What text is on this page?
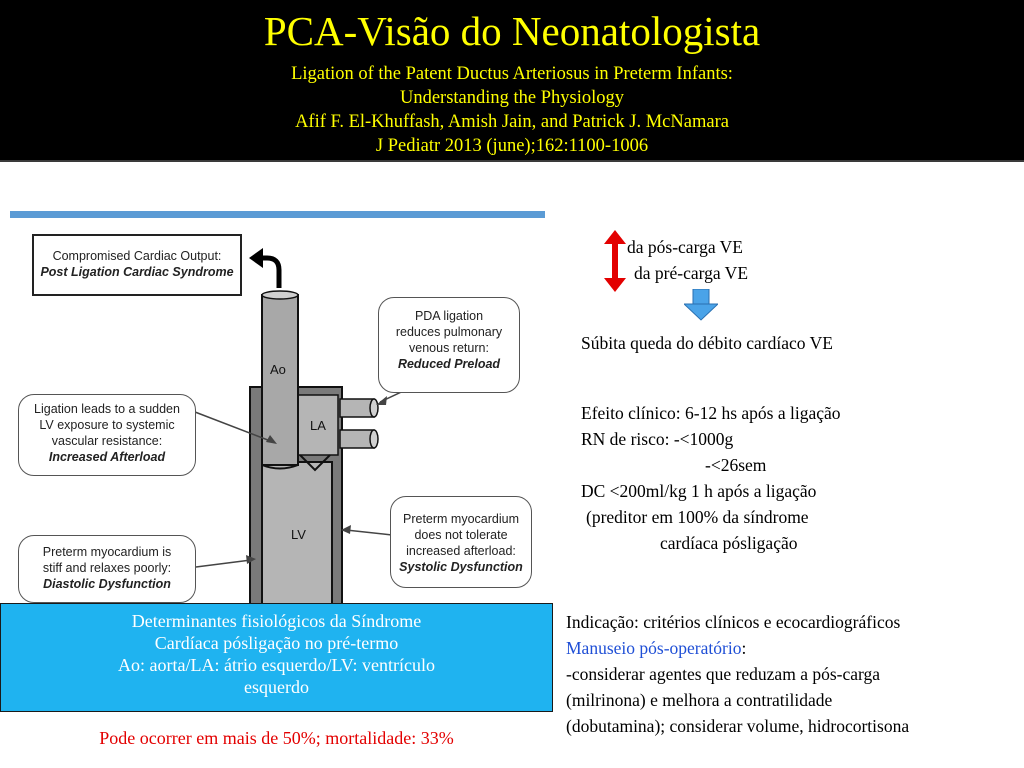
PCA-Visão do Neonatologista
Ligation of the Patent Ductus Arteriosus in Preterm Infants:
Understanding the Physiology
Afif F. El-Khuffash, Amish Jain, and Patrick J. McNamara
J Pediatr 2013 (june);162:1100-1006
Ao
LA
LV
Compromised Cardiac Output:
Post Ligation Cardiac Syndrome
PDA ligation
reduces pulmonary
venous return:
Reduced Preload
Ligation leads to a sudden
LV exposure to systemic
vascular resistance:
Increased Afterload
Preterm myocardium
does not tolerate
increased afterload:
Systolic Dysfunction
Preterm myocardium is
stiff and relaxes poorly:
Diastolic Dysfunction
da pós-carga VE
da pré-carga VE
Súbita queda do débito cardíaco VE
Efeito clínico: 6-12 hs após a ligação
RN de risco: -<1000g
-<26sem
DC <200ml/kg 1 h após a ligação
(preditor em 100% da síndrome
cardíaca pósligação
Indicação: critérios clínicos e ecocardiográficos
Manuseio pós-operatório:
-considerar agentes que reduzam a pós-carga
(milrinona) e melhora a contratilidade
(dobutamina); considerar volume, hidrocortisona
Determinantes fisiológicos da Síndrome
Cardíaca pósligação no pré-termo
Ao: aorta/LA: átrio esquerdo/LV: ventrículo
esquerdo
Pode ocorrer em mais de 50%; mortalidade: 33%
